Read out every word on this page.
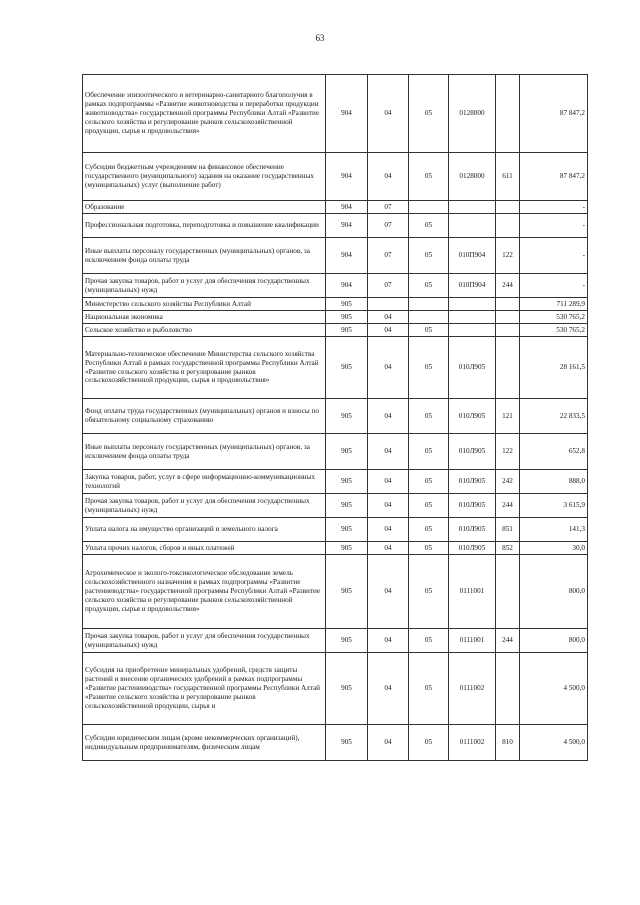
63
Обеспечение эпизоотического и ветеринарно-санитарного благополучия в рамках подпрограммы «Развитие животноводства и переработки продукции животноводства» государственной программы Республики Алтай «Развитие сельского хозяйства и регулирование рынков сельскохозяйственной продукции, сырья и продовольствия»	904	04	05	0128000		87 847,2
Субсидии бюджетным учреждениям на финансовое обеспечение государственного (муниципального) задания на оказание государственных (муниципальных) услуг (выполнение работ)	904	04	05	0128000	611	87 847,2
Образование	904	07				-
Профессиональная подготовка, переподготовка и повышение квалификации	904	07	05			-
Иные выплаты персоналу государственных (муниципальных) органов, за исключением фонда оплаты труда	904	07	05	010П904	122	-
Прочая закупка товаров, работ и услуг для обеспечения государственных (муниципальных) нужд	904	07	05	010П904	244	-
Министерство сельского хозяйства Республики Алтай	905					711 289,9
Национальная экономика	905	04				530 765,2
Сельское хозяйство и рыболовство	905	04	05			530 765,2
Материально-техническое обеспечение Министерства сельского хозяйства Республики Алтай в рамках государственной программы Республики Алтай «Развитие сельского хозяйства и регулирование рынков сельскохозяйственной продукции, сырья и продовольствия»	905	04	05	010Л905		28 161,5
Фонд оплаты труда государственных (муниципальных) органов и взносы по обязательному социальному страхованию	905	04	05	010Л905	121	22 833,5
Иные выплаты персоналу государственных (муниципальных) органов, за исключением фонда оплаты труда	905	04	05	010Л905	122	652,8
Закупка товаров, работ, услуг в сфере информационно-коммуникационных технологий	905	04	05	010Л905	242	888,0
Прочая закупка товаров, работ и услуг для обеспечения государственных (муниципальных) нужд	905	04	05	010Л905	244	3 615,9
Уплата налога на имущество организаций и земельного налога	905	04	05	010Л905	851	141,3
Уплата прочих налогов, сборов и иных платежей	905	04	05	010Л905	852	30,0
Агрохимическое и эколого-токсикологическое обследование земель сельскохозяйственного назначения в рамках подпрограммы «Развитие растениеводства» государственной программы Республики Алтай «Развитие сельского хозяйства и регулирование рынков сельскохозяйственной продукции, сырья и продовольствия»	905	04	05	0111001		800,0
Прочая закупка товаров, работ и услуг для обеспечения государственных (муниципальных) нужд	905	04	05	0111001	244	800,0
Субсидия на приобретение минеральных удобрений, средств защиты растений и внесение органических удобрений в рамках подпрограммы «Развитие растениеводства» государственной программы Республики Алтай «Развитие сельского хозяйства и регулирование рынков сельскохозяйственной продукции, сырья и	905	04	05	0111002		4 500,0
Субсидии юридическим лицам (кроме некоммерческих организаций), индивидуальным предпринимателям, физическим лицам	905	04	05	0111002	810	4 500,0
